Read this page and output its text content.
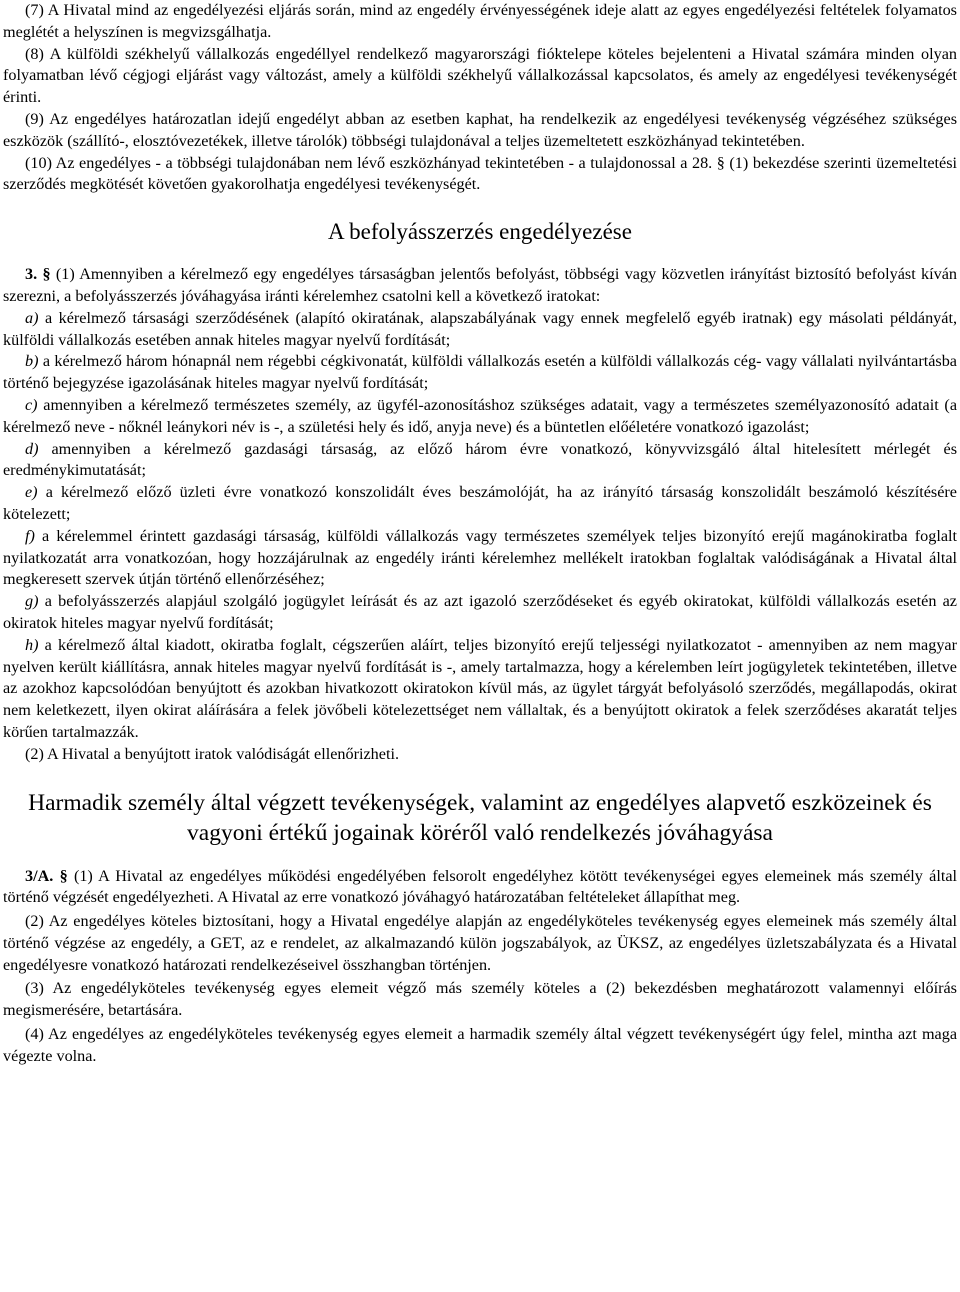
(7) A Hivatal mind az engedélyezési eljárás során, mind az engedély érvényességének ideje alatt az egyes engedélyezési feltételek folyamatos meglétét a helyszínen is megvizsgálhatja.

(8) A külföldi székhelyű vállalkozás engedéllyel rendelkező magyarországi fióktelepe köteles bejelenteni a Hivatal számára minden olyan folyamatban lévő cégjogi eljárást vagy változást, amely a külföldi székhelyű vállalkozással kapcsolatos, és amely az engedélyesi tevékenységét érinti.

(9) Az engedélyes határozatlan idejű engedélyt abban az esetben kaphat, ha rendelkezik az engedélyesi tevékenység végzéséhez szükséges eszközök (szállító-, elosztóvezetékek, illetve tárolók) többségi tulajdonával a teljes üzemeltetett eszközhányad tekintetében.

(10) Az engedélyes - a többségi tulajdonában nem lévő eszközhányad tekintetében - a tulajdonossal a 28. § (1) bekezdése szerinti üzemeltetési szerződés megkötését követően gyakorolhatja engedélyesi tevékenységét.

A befolyásszerzés engedélyezése

3. § (1) Amennyiben a kérelmező egy engedélyes társaságban jelentős befolyást, többségi vagy közvetlen irányítást biztosító befolyást kíván szerezni, a befolyásszerzés jóváhagyása iránti kérelemhez csatolni kell a következő iratokat:

a) a kérelmező társasági szerződésének (alapító okiratának, alapszabályának vagy ennek megfelelő egyéb iratnak) egy másolati példányát, külföldi vállalkozás esetében annak hiteles magyar nyelvű fordítását;

b) a kérelmező három hónapnál nem régebbi cégkivonatát, külföldi vállalkozás esetén a külföldi vállalkozás cég- vagy vállalati nyilvántartásba történő bejegyzése igazolásának hiteles magyar nyelvű fordítását;

c) amennyiben a kérelmező természetes személy, az ügyfél-azonosításhoz szükséges adatait, vagy a természetes személyazonosító adatait (a kérelmező neve - nőknél leánykori név is -, a születési hely és idő, anyja neve) és a büntetlen előéletére vonatkozó igazolást;

d) amennyiben a kérelmező gazdasági társaság, az előző három évre vonatkozó, könyvvizsgáló által hitelesített mérlegét és eredménykimutatását;

e) a kérelmező előző üzleti évre vonatkozó konszolidált éves beszámolóját, ha az irányító társaság konszolidált beszámoló készítésére kötelezett;

f) a kérelemmel érintett gazdasági társaság, külföldi vállalkozás vagy természetes személyek teljes bizonyító erejű magánokiratba foglalt nyilatkozatát arra vonatkozóan, hogy hozzájárulnak az engedély iránti kérelemhez mellékelt iratokban foglaltak valódiságának a Hivatal által megkeresett szervek útján történő ellenőrzéséhez;

g) a befolyásszerzés alapjául szolgáló jogügylet leírását és az azt igazoló szerződéseket és egyéb okiratokat, külföldi vállalkozás esetén az okiratok hiteles magyar nyelvű fordítását;

h) a kérelmező által kiadott, okiratba foglalt, cégszerűen aláírt, teljes bizonyító erejű teljességi nyilatkozatot - amennyiben az nem magyar nyelven került kiállításra, annak hiteles magyar nyelvű fordítását is -, amely tartalmazza, hogy a kérelemben leírt jogügyletek tekintetében, illetve az azokhoz kapcsolódóan benyújtott és azokban hivatkozott okiratokon kívül más, az ügylet tárgyát befolyásoló szerződés, megállapodás, okirat nem keletkezett, ilyen okirat aláírására a felek jövőbeli kötelezettséget nem vállaltak, és a benyújtott okiratok a felek szerződéses akaratát teljes körűen tartalmazzák.

(2) A Hivatal a benyújtott iratok valódiságát ellenőrizheti.

Harmadik személy által végzett tevékenységek, valamint az engedélyes alapvető eszközeinek és vagyoni értékű jogainak köréről való rendelkezés jóváhagyása

3/A. § (1) A Hivatal az engedélyes működési engedélyében felsorolt engedélyhez kötött tevékenységei egyes elemeinek más személy által történő végzését engedélyezheti. A Hivatal az erre vonatkozó jóváhagyó határozatában feltételeket állapíthat meg.

(2) Az engedélyes köteles biztosítani, hogy a Hivatal engedélye alapján az engedélyköteles tevékenység egyes elemeinek más személy által történő végzése az engedély, a GET, az e rendelet, az alkalmazandó külön jogszabályok, az ÜKSZ, az engedélyes üzletszabályzata és a Hivatal engedélyesre vonatkozó határozati rendelkezéseivel összhangban történjen.

(3) Az engedélyköteles tevékenység egyes elemeit végző más személy köteles a (2) bekezdésben meghatározott valamennyi előírás megismerésére, betartására.

(4) Az engedélyes az engedélyköteles tevékenység egyes elemeit a harmadik személy által végzett tevékenységért úgy felel, mintha azt maga végezte volna.
